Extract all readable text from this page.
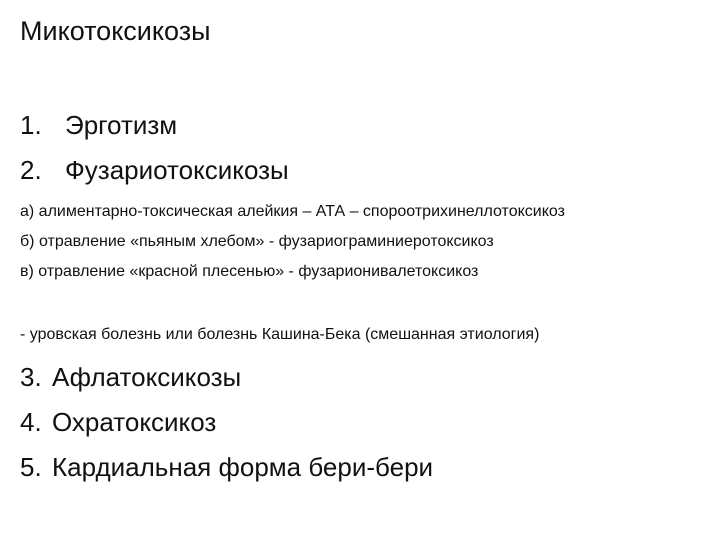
Микотоксикозы
1. Эрготизм
2. Фузариотоксикозы
а) алиментарно-токсическая алейкия – АТА – спороотрихинеллотоксикоз
б) отравление «пьяным хлебом» - фузариограминиеротоксикоз
в) отравление «красной плесенью» - фузарионивалетоксикоз
- уровская болезнь или болезнь Кашина-Бека (смешанная этиология)
3. Афлатоксикозы
4. Охратоксикоз
5. Кардиальная форма бери-бери
